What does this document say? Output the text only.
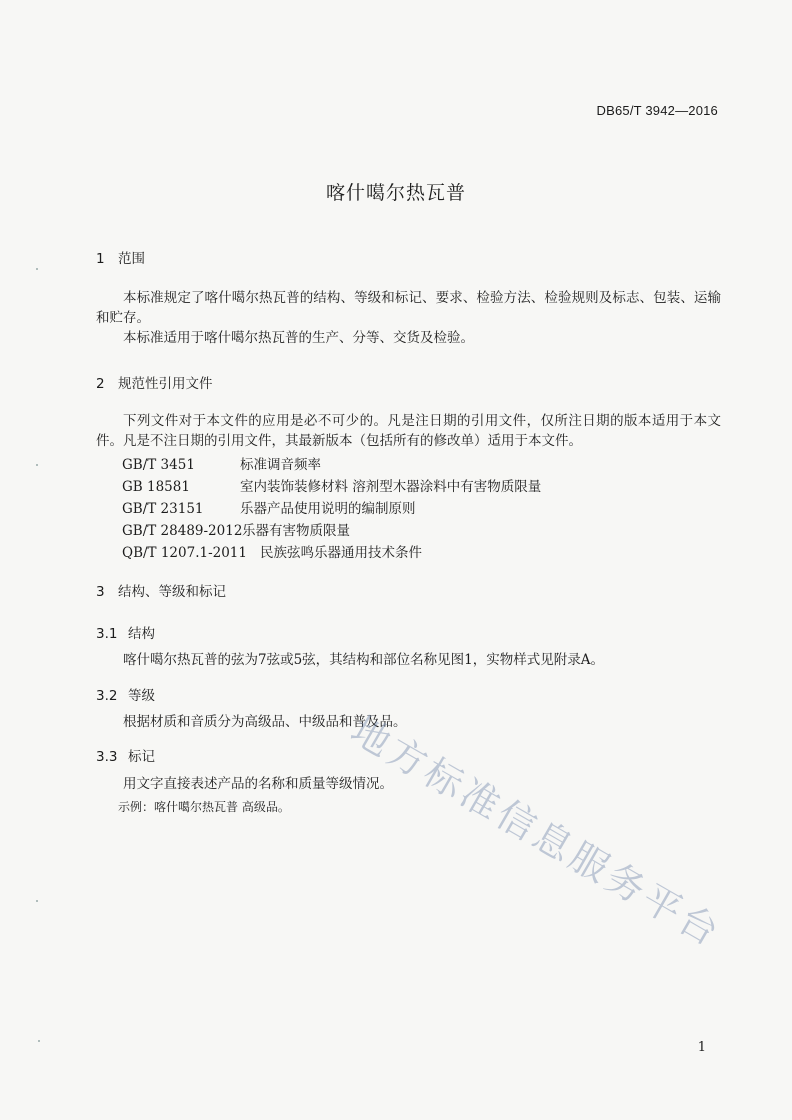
DB65/T 3942—2016
喀什噶尔热瓦普
1 范围
本标准规定了喀什噶尔热瓦普的结构、等级和标记、要求、检验方法、检验规则及标志、包装、运输和贮存。
本标准适用于喀什噶尔热瓦普的生产、分等、交货及检验。
2 规范性引用文件
下列文件对于本文件的应用是必不可少的。凡是注日期的引用文件，仅所注日期的版本适用于本文件。凡是不注日期的引用文件，其最新版本（包括所有的修改单）适用于本文件。
GB/T 3451	标准调音频率
GB 18581	室内装饰装修材料 溶剂型木器涂料中有害物质限量
GB/T 23151	乐器产品使用说明的编制原则
GB/T 28489-2012乐器有害物质限量
QB/T 1207.1-2011 民族弦鸣乐器通用技术条件
3 结构、等级和标记
3.1 结构
喀什噶尔热瓦普的弦为7弦或5弦，其结构和部位名称见图1，实物样式见附录A。
3.2 等级
根据材质和音质分为高级品、中级品和普及品。
3.3 标记
用文字直接表述产品的名称和质量等级情况。
示例：喀什噶尔热瓦普 高级品。 地方标准信息服务平台
1
